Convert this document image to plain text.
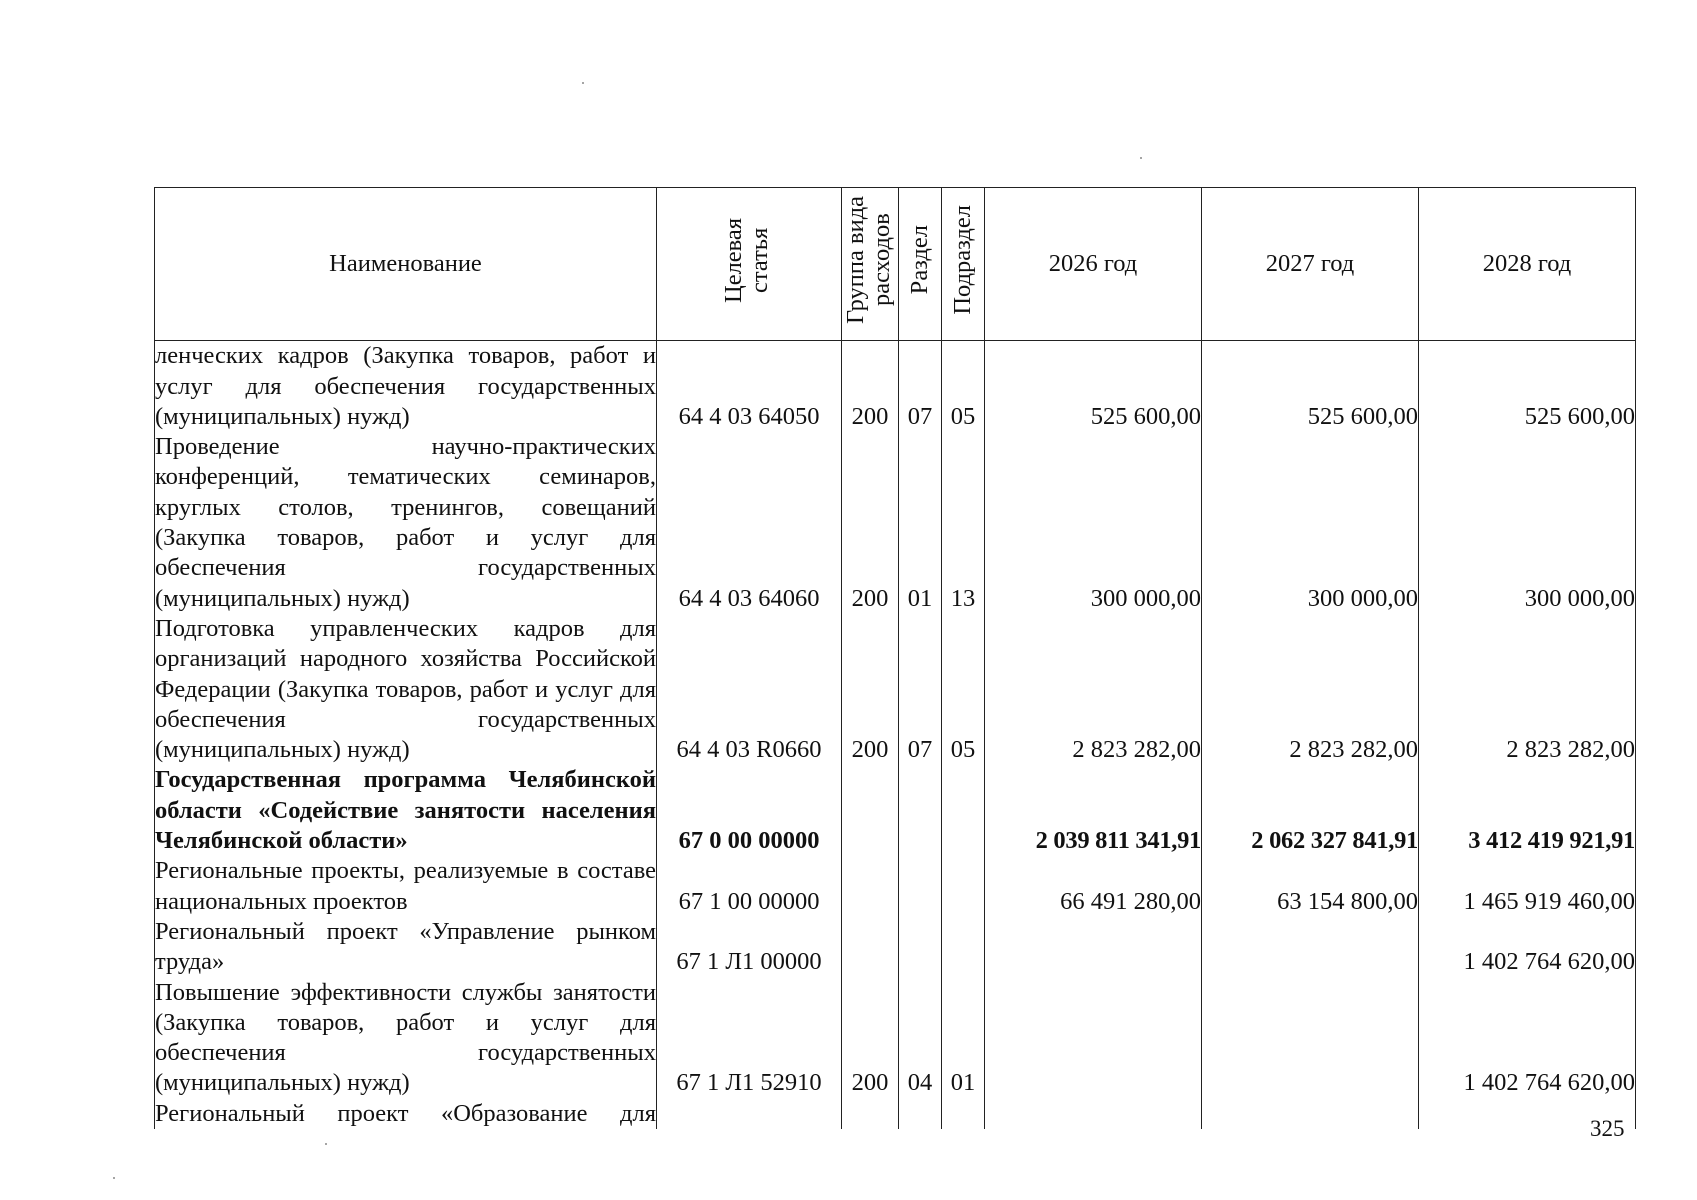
Наименование	Целевая статья	Группа вида расходов	Раздел	Подраздел	2026 год	2027 год	2028 год
ленческих кадров (Закупка товаров, работ и услуг для обеспечения государственных (муниципальных) нужд)	64 4 03 64050	200	07	05	525 600,00	525 600,00	525 600,00
Проведение научно-практических конференций, тематических семинаров, круглых столов, тренингов, совещаний (Закупка товаров, работ и услуг для обеспечения государственных (муниципальных) нужд)	64 4 03 64060	200	01	13	300 000,00	300 000,00	300 000,00
Подготовка управленческих кадров для организаций народного хозяйства Российской Федерации (Закупка товаров, работ и услуг для обеспечения государственных (муниципальных) нужд)	64 4 03 R0660	200	07	05	2 823 282,00	2 823 282,00	2 823 282,00
Государственная программа Челябинской области «Содействие занятости населения Челябинской области»	67 0 00 00000				2 039 811 341,91	2 062 327 841,91	3 412 419 921,91
Региональные проекты, реализуемые в составе национальных проектов	67 1 00 00000				66 491 280,00	63 154 800,00	1 465 919 460,00
Региональный проект «Управление рынком труда»	67 1 Л1 00000						1 402 764 620,00
Повышение эффективности службы занятости (Закупка товаров, работ и услуг для обеспечения государственных (муниципальных) нужд)	67 1 Л1 52910	200	04	01			1 402 764 620,00
Региональный проект «Образование для							
325
